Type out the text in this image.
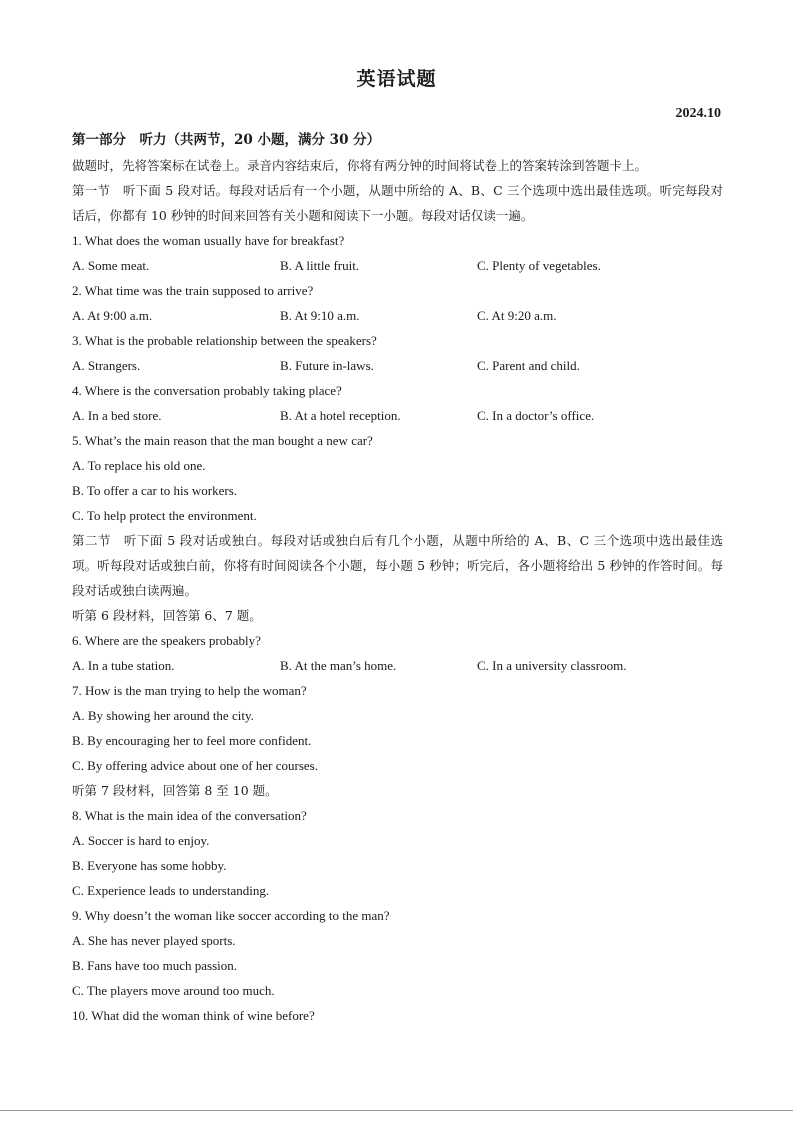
英语试题
2024.10
第一部分　听力（共两节，20 小题，满分 30 分）
做题时，先将答案标在试卷上。录音内容结束后，你将有两分钟的时间将试卷上的答案转涂到答题卡上。
第一节　听下面 5 段对话。每段对话后有一个小题，从题中所给的 A、B、C 三个选项中选出最佳选项。听完每段对话后，你都有 10 秒钟的时间来回答有关小题和阅读下一小题。每段对话仅读一遍。
1. What does the woman usually have for breakfast?
A. Some meat.	B. A little fruit.	C. Plenty of vegetables.
2. What time was the train supposed to arrive?
A. At 9:00 a.m.	B. At 9:10 a.m.	C. At 9:20 a.m.
3. What is the probable relationship between the speakers?
A. Strangers.	B. Future in-laws.	C. Parent and child.
4. Where is the conversation probably taking place?
A. In a bed store.	B. At a hotel reception.	C. In a doctor’s office.
5. What’s the main reason that the man bought a new car?
A. To replace his old one.
B. To offer a car to his workers.
C. To help protect the environment.
第二节　听下面 5 段对话或独白。每段对话或独白后有几个小题，从题中所给的 A、B、C 三个选项中选出最佳选项。听每段对话或独白前，你将有时间阅读各个小题，每小题 5 秒钟；听完后，各小题将给出 5 秒钟的作答时间。每段对话或独白读两遍。
听第 6 段材料，回答第 6、7 题。
6. Where are the speakers probably?
A. In a tube station.	B. At the man’s home.	C. In a university classroom.
7. How is the man trying to help the woman?
A. By showing her around the city.
B. By encouraging her to feel more confident.
C. By offering advice about one of her courses.
听第 7 段材料，回答第 8 至 10 题。
8. What is the main idea of the conversation?
A. Soccer is hard to enjoy.
B. Everyone has some hobby.
C. Experience leads to understanding.
9. Why doesn’t the woman like soccer according to the man?
A. She has never played sports.
B. Fans have too much passion.
C. The players move around too much.
10. What did the woman think of wine before?
